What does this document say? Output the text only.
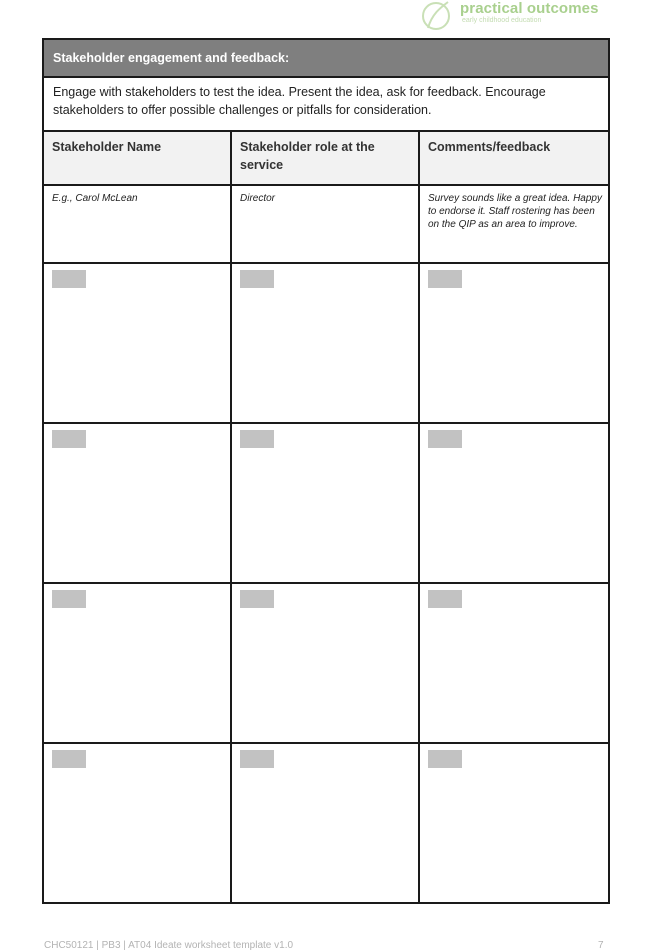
practical outcomes
early childhood education
Stakeholder engagement and feedback:		
Engage with stakeholders to test the idea. Present the idea, ask for feedback. Encourage stakeholders to offer possible challenges or pitfalls for consideration.		
Stakeholder Name	Stakeholder role at the service	Comments/feedback
E.g., Carol McLean	Director	Survey sounds like a great idea. Happy to endorse it. Staff rostering has been on the QIP as an area to improve.

CHC50121 | PB3 | AT04 Ideate worksheet template v1.0	7
